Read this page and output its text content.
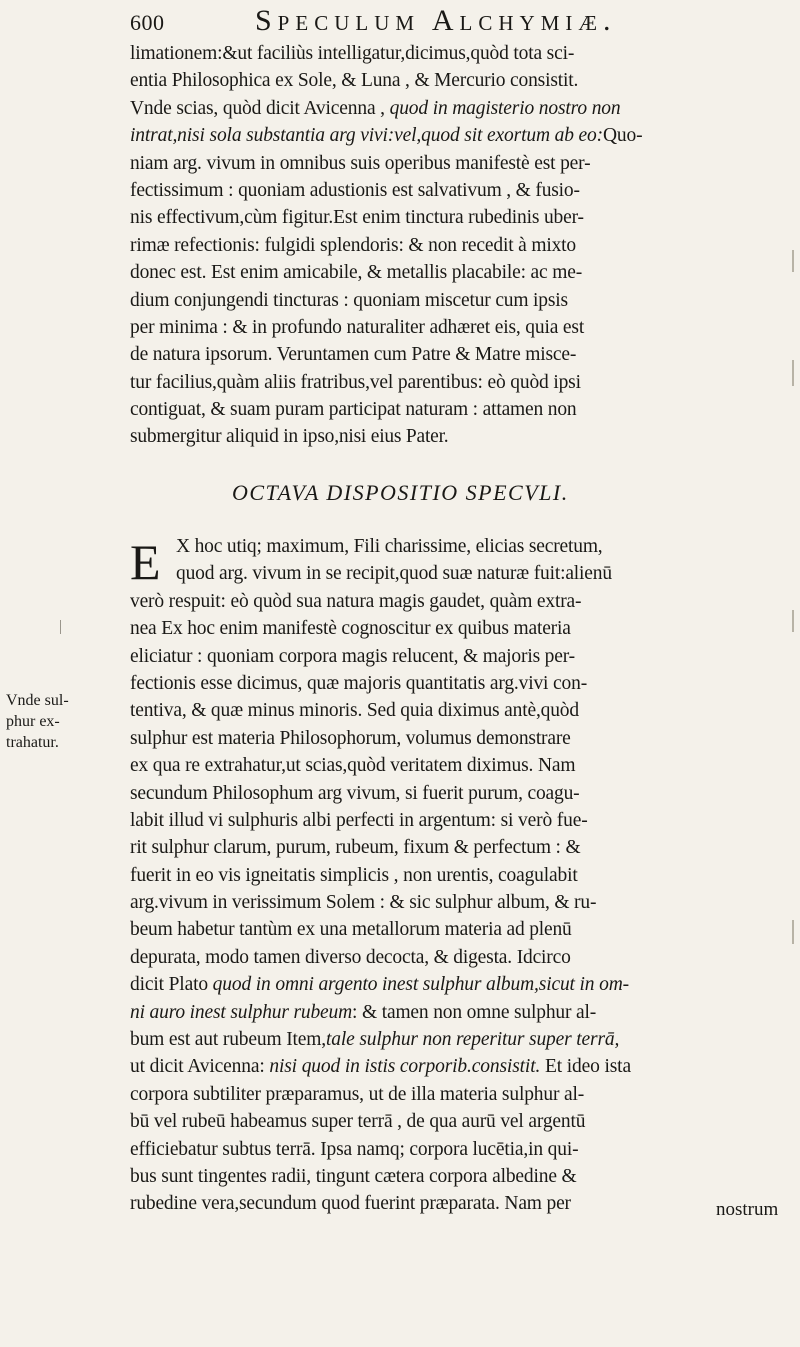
600	Speculum Alchymiæ.
limationem:&ut faciliùs intelligatur,dicimus,quòd tota sci-
entia Philosophica ex Sole, & Luna , & Mercurio consistit.
Vnde scias, quòd dicit Avicenna , quod in magisterio nostro non
intrat,nisi sola substantia arg vivi:vel,quod sit exortum ab eo:Quo-
niam arg. vivum in omnibus suis operibus manifestè est per-
fectissimum : quoniam adustionis est salvativum , & fusio-
nis effectivum,cùm figitur.Est enim tinctura rubedinis uber-
rimæ refectionis: fulgidi splendoris: & non recedit à mixto
donec est. Est enim amicabile, & metallis placabile: ac me-
dium conjungendi tincturas : quoniam miscetur cum ipsis
per minima : & in profundo naturaliter adhæret eis, quia est
de natura ipsorum. Veruntamen cum Patre & Matre misce-
tur facilius,quàm aliis fratribus,vel parentibus: eò quòd ipsi
contiguat, & suam puram participat naturam : attamen non
submergitur aliquid in ipso,nisi eius Pater.
OCTAVA DISPOSITIO SPECVLI.
E X hoc utiq; maximum, Fili charissime, elicias secretum,
quod arg. vivum in se recipit,quod suæ naturæ fuit:alienū
verò respuit: eò quòd sua natura magis gaudet, quàm extra-
nea Ex hoc enim manifestè cognoscitur ex quibus materia
eliciatur : quoniam corpora magis relucent, & majoris per-
fectionis esse dicimus, quæ majoris quantitatis arg.vivi con-
tentiva, & quæ minus minoris. Sed quia diximus antè,quòd
sulphur est materia Philosophorum, volumus demonstrare
ex qua re extrahatur,ut scias,quòd veritatem diximus. Nam
secundum Philosophum arg vivum, si fuerit purum, coagu-
labit illud vi sulphuris albi perfecti in argentum: si verò fue-
rit sulphur clarum, purum, rubeum, fixum & perfectum : &
fuerit in eo vis igneitatis simplicis , non urentis, coagulabit
arg.vivum in verissimum Solem : & sic sulphur album, & ru-
beum habetur tantùm ex una metallorum materia ad plenū
depurata, modo tamen diverso decocta, & digesta. Idcirco
dicit Plato quod in omni argento inest sulphur album,sicut in om-
ni auro inest sulphur rubeum: & tamen non omne sulphur al-
bum est aut rubeum Item,tale sulphur non reperitur super terrā,
ut dicit Avicenna: nisi quod in istis corporib.consistit. Et ideo ista
corpora subtiliter præparamus, ut de illa materia sulphur al-
bū vel rubeū habeamus super terrā , de qua aurū vel argentū
efficiebatur subtus terrā. Ipsa namq; corpora lucētia,in qui-
bus sunt tingentes radii, tingunt cætera corpora albedine &
rubedine vera,secundum quod fuerint præparata. Nam per
Vnde sul-
phur ex-
trahatur.
nostrum
